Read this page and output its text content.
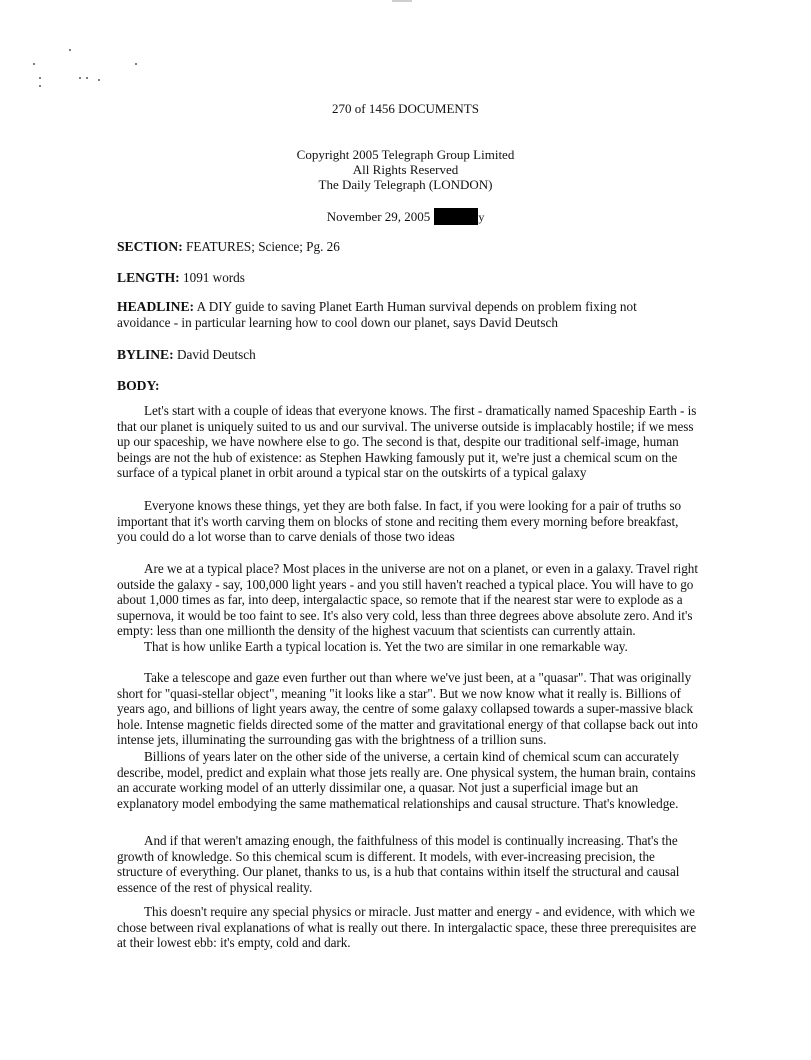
270 of 1456 DOCUMENTS
Copyright 2005 Telegraph Group Limited
All Rights Reserved
The Daily Telegraph (LONDON)
November 29, 2005	y
SECTION: FEATURES; Science; Pg. 26
LENGTH: 1091 words
HEADLINE: A DIY guide to saving Planet Earth Human survival depends on problem fixing not avoidance - in particular learning how to cool down our planet, says David Deutsch
BYLINE: David Deutsch
BODY:
Let's start with a couple of ideas that everyone knows. The first - dramatically named Spaceship Earth - is that our planet is uniquely suited to us and our survival. The universe outside is implacably hostile; if we mess up our spaceship, we have nowhere else to go. The second is that, despite our traditional self-image, human beings are not the hub of existence: as Stephen Hawking famously put it, we're just a chemical scum on the surface of a typical planet in orbit around a typical star on the outskirts of a typical galaxy
Everyone knows these things, yet they are both false. In fact, if you were looking for a pair of truths so important that it's worth carving them on blocks of stone and reciting them every morning before breakfast, you could do a lot worse than to carve denials of those two ideas
Are we at a typical place? Most places in the universe are not on a planet, or even in a galaxy. Travel right outside the galaxy - say, 100,000 light years - and you still haven't reached a typical place. You will have to go about 1,000 times as far, into deep, intergalactic space, so remote that if the nearest star were to explode as a supernova, it would be too faint to see. It's also very cold, less than three degrees above absolute zero. And it's empty: less than one millionth the density of the highest vacuum that scientists can currently attain.
That is how unlike Earth a typical location is. Yet the two are similar in one remarkable way.
Take a telescope and gaze even further out than where we've just been, at a "quasar". That was originally short for "quasi-stellar object", meaning "it looks like a star". But we now know what it really is. Billions of years ago, and billions of light years away, the centre of some galaxy collapsed towards a super-massive black hole. Intense magnetic fields directed some of the matter and gravitational energy of that collapse back out into intense jets, illuminating the surrounding gas with the brightness of a trillion suns.
Billions of years later on the other side of the universe, a certain kind of chemical scum can accurately describe, model, predict and explain what those jets really are. One physical system, the human brain, contains an accurate working model of an utterly dissimilar one, a quasar. Not just a superficial image but an explanatory model embodying the same mathematical relationships and causal structure. That's knowledge.
And if that weren't amazing enough, the faithfulness of this model is continually increasing. That's the growth of knowledge. So this chemical scum is different. It models, with ever-increasing precision, the structure of everything. Our planet, thanks to us, is a hub that contains within itself the structural and causal essence of the rest of physical reality.
This doesn't require any special physics or miracle. Just matter and energy - and evidence, with which we chose between rival explanations of what is really out there. In intergalactic space, these three prerequisites are at their lowest ebb: it's empty, cold and dark.
